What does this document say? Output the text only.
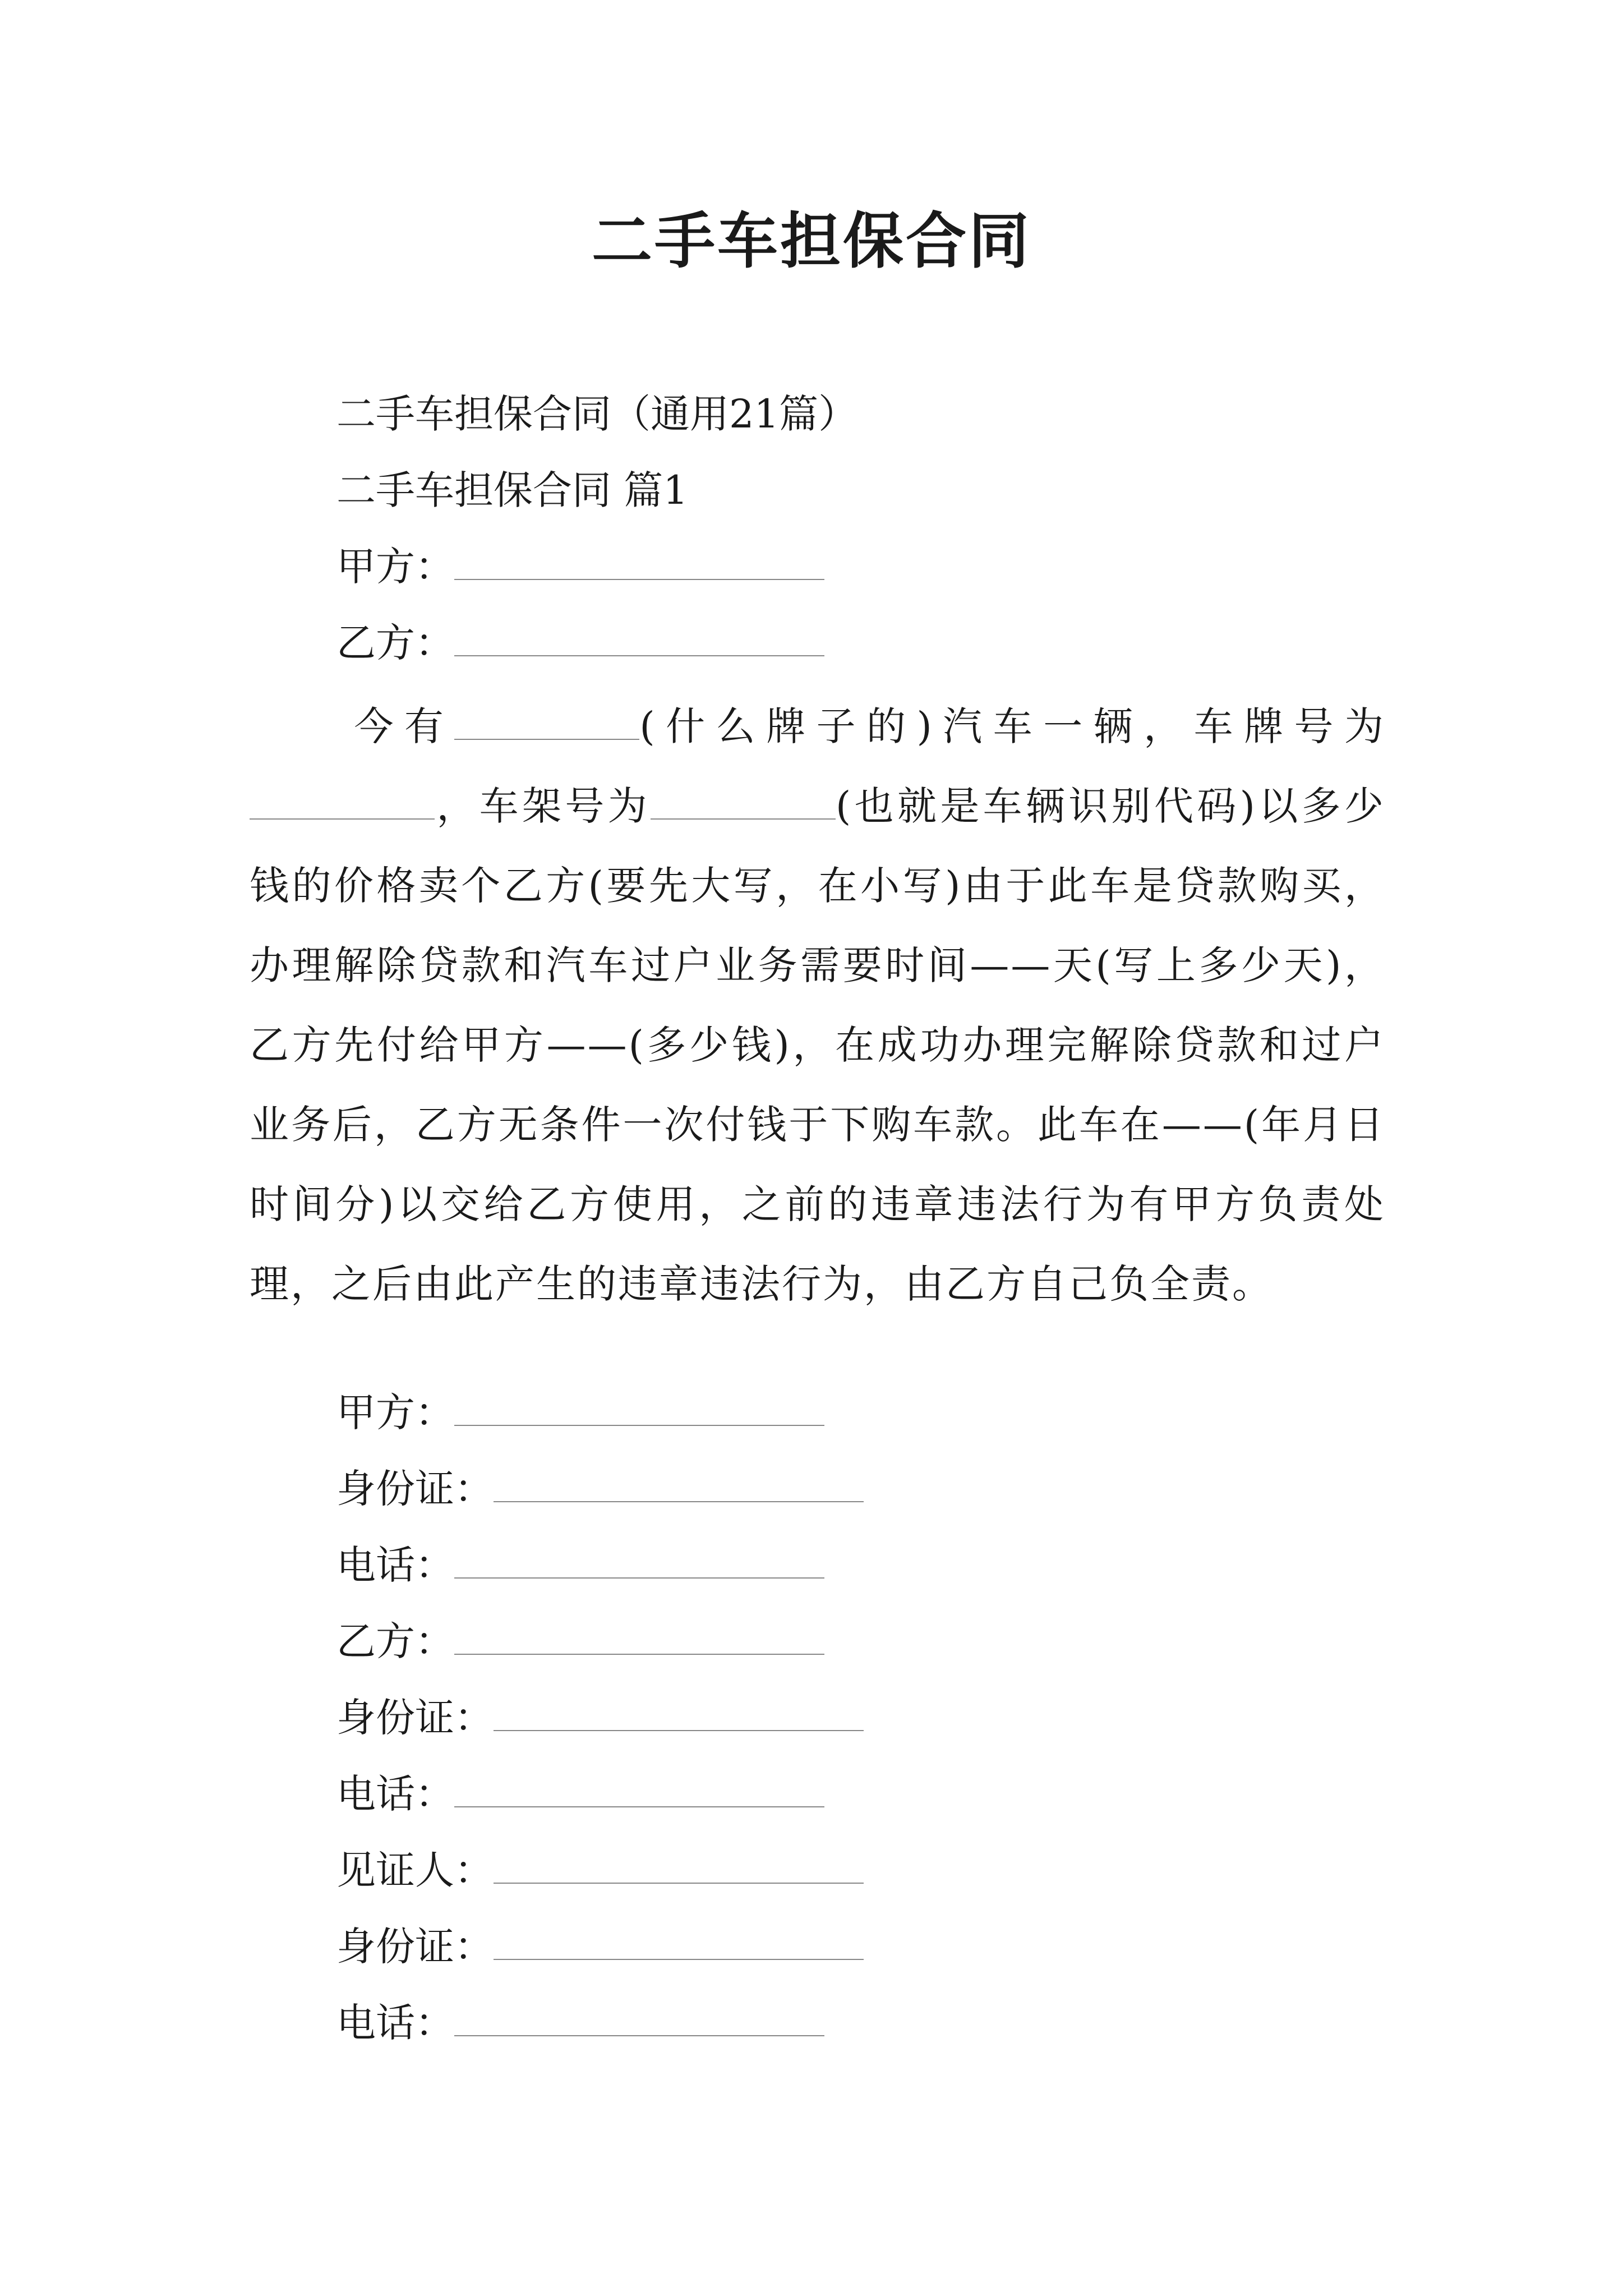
二手车担保合同
二手车担保合同（通用21篇）
二手车担保合同 篇1
甲方：
乙方：
今有	(什么牌子的)汽车一辆，车牌号为，车架号为	(也就是车辆识别代码)以多少钱的价格卖个乙方(要先大写，在小写)由于此车是贷款购买，办理解除贷款和汽车过户业务需要时间——天(写上多少天)，乙方先付给甲方——(多少钱)，在成功办理完解除贷款和过户业务后，乙方无条件一次付钱于下购车款。此车在——(年月日时间分)以交给乙方使用，之前的违章违法行为有甲方负责处理，之后由此产生的违章违法行为，由乙方自己负全责。
甲方：
身份证：
电话：
乙方：
身份证：
电话：
见证人：
身份证：
电话：
